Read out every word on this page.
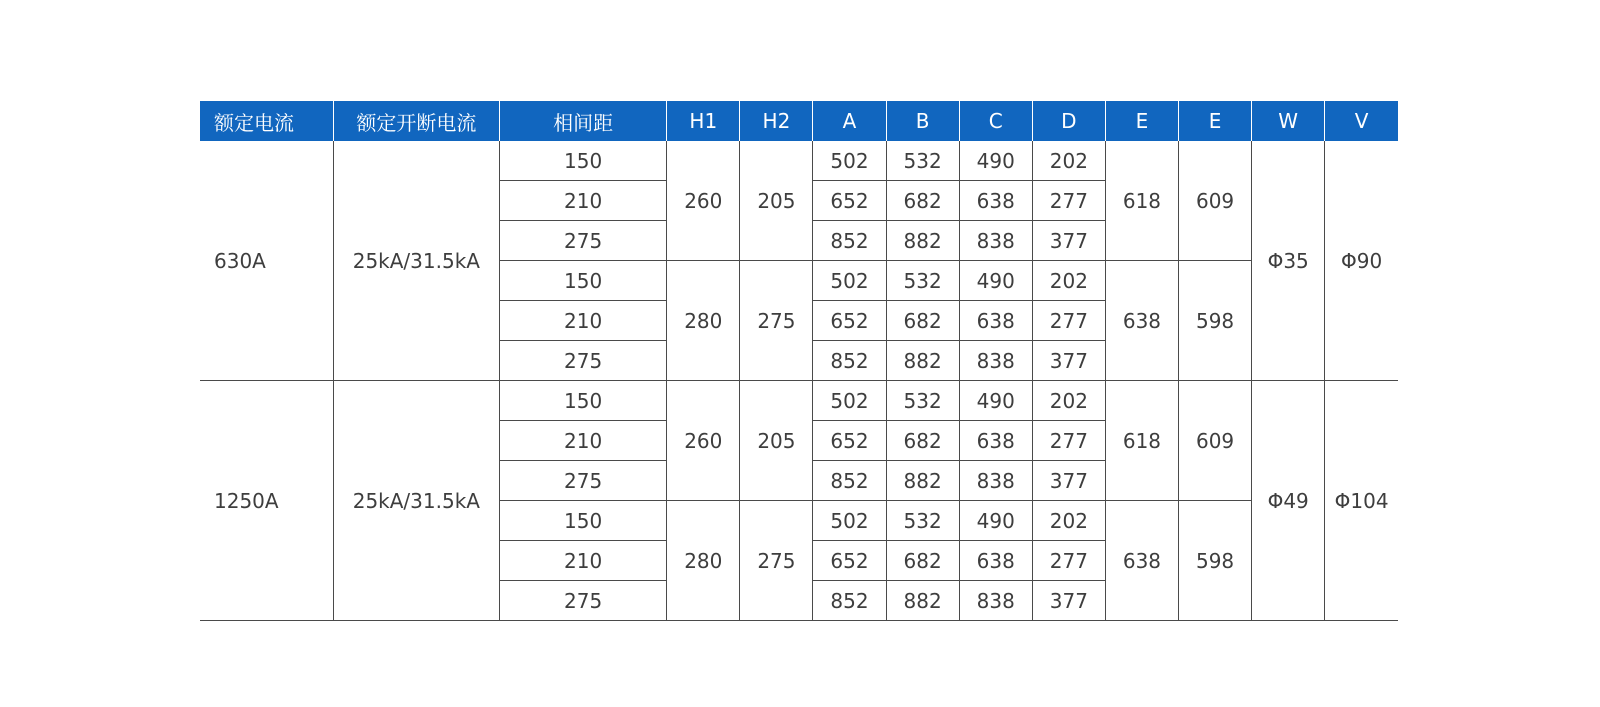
额定电流	额定开断电流	相间距	H1	H2	A	B	C	D	E	E	W	V
630A	25kA/31.5kA	150	260	205	502	532	490	202	618	609	Φ35	Φ90
		210			652	682	638	277				
		275			852	882	838	377				
		150	280	275	502	532	490	202	638	598		
		210			652	682	638	277				
		275			852	882	838	377				
1250A	25kA/31.5kA	150	260	205	502	532	490	202	618	609	Φ49	Φ104
		210			652	682	638	277				
		275			852	882	838	377				
		150	280	275	502	532	490	202	638	598		
		210			652	682	638	277				
		275			852	882	838	377				
